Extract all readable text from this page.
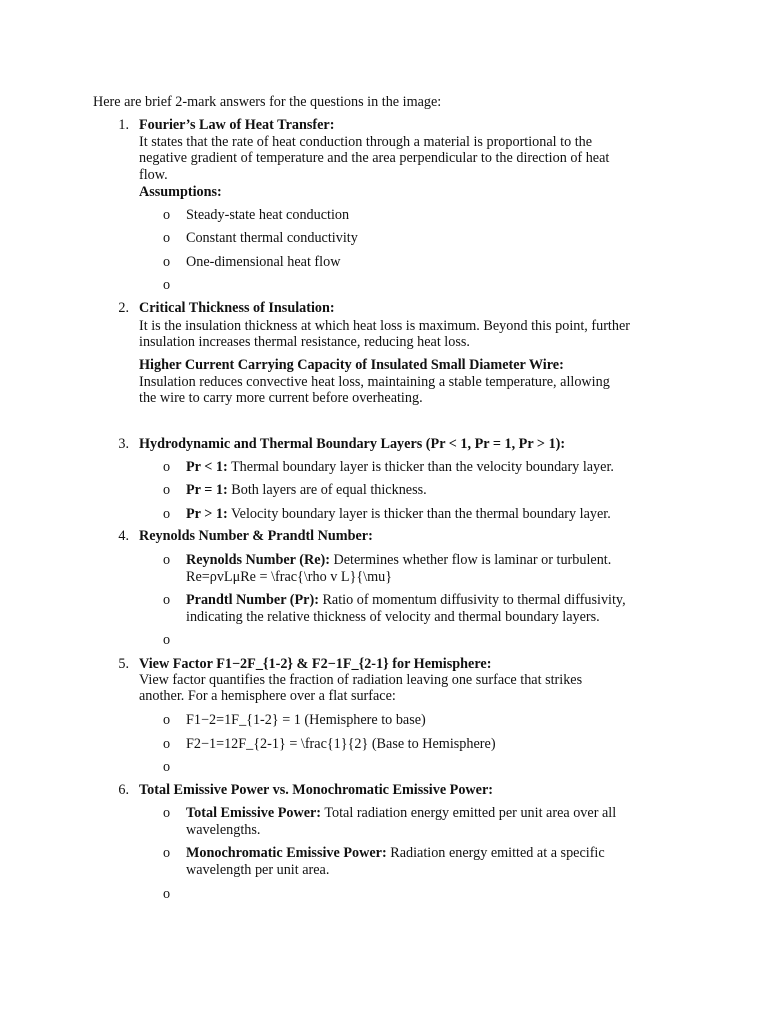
Here are brief 2-mark answers for the questions in the image:
1. Fourier’s Law of Heat Transfer:
It states that the rate of heat conduction through a material is proportional to the
negative gradient of temperature and the area perpendicular to the direction of heat
flow.
Assumptions:
o Steady-state heat conduction
o Constant thermal conductivity
o One-dimensional heat flow
o
2. Critical Thickness of Insulation:
It is the insulation thickness at which heat loss is maximum. Beyond this point, further
insulation increases thermal resistance, reducing heat loss.
Higher Current Carrying Capacity of Insulated Small Diameter Wire:
Insulation reduces convective heat loss, maintaining a stable temperature, allowing
the wire to carry more current before overheating.
3. Hydrodynamic and Thermal Boundary Layers (Pr < 1, Pr = 1, Pr > 1):
o Pr < 1: Thermal boundary layer is thicker than the velocity boundary layer.
o Pr = 1: Both layers are of equal thickness.
o Pr > 1: Velocity boundary layer is thicker than the thermal boundary layer.
4. Reynolds Number & Prandtl Number:
o Reynolds Number (Re): Determines whether flow is laminar or turbulent.
Re=ρvLμRe = \frac{\rho v L}{\mu}
o Prandtl Number (Pr): Ratio of momentum diffusivity to thermal diffusivity,
indicating the relative thickness of velocity and thermal boundary layers.
o
5. View Factor F1−2F_{1-2} & F2−1F_{2-1} for Hemisphere:
View factor quantifies the fraction of radiation leaving one surface that strikes
another. For a hemisphere over a flat surface:
o F1−2=1F_{1-2} = 1 (Hemisphere to base)
o F2−1=12F_{2-1} = \frac{1}{2} (Base to Hemisphere)
o
6. Total Emissive Power vs. Monochromatic Emissive Power:
o Total Emissive Power: Total radiation energy emitted per unit area over all
wavelengths.
o Monochromatic Emissive Power: Radiation energy emitted at a specific
wavelength per unit area.
o
